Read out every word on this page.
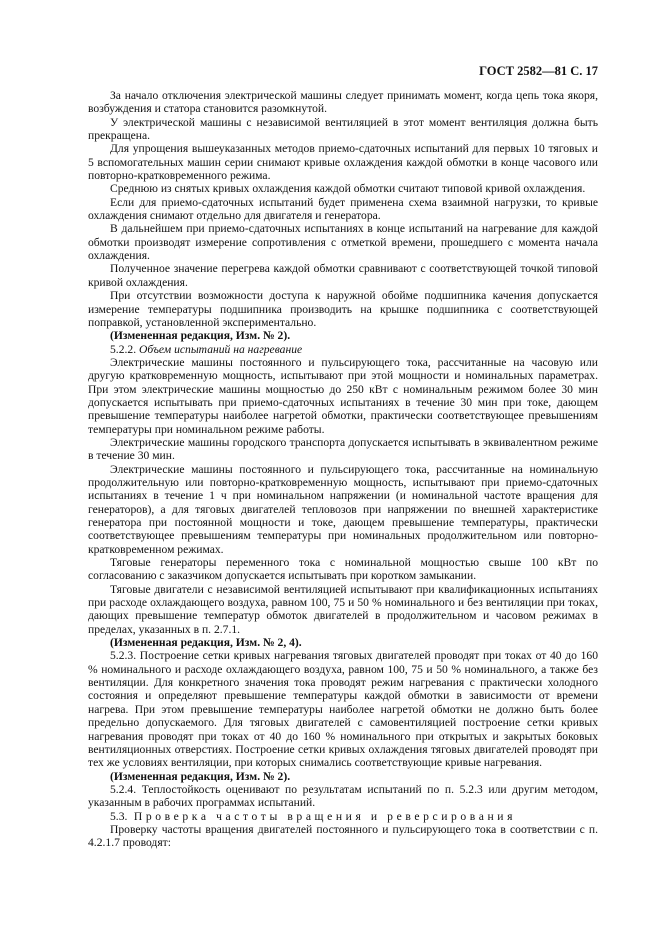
ГОСТ 2582—81 С. 17

За начало отключения электрической машины следует принимать момент, когда цепь тока якоря, возбуждения и статора становится разомкнутой.

У электрической машины с независимой вентиляцией в этот момент вентиляция должна быть прекращена.

Для упрощения вышеуказанных методов приемо-сдаточных испытаний для первых 10 тяговых и 5 вспомогательных машин серии снимают кривые охлаждения каждой обмотки в конце часового или повторно-кратковременного режима.

Среднюю из снятых кривых охлаждения каждой обмотки считают типовой кривой охлаждения.

Если для приемо-сдаточных испытаний будет применена схема взаимной нагрузки, то кривые охлаждения снимают отдельно для двигателя и генератора.

В дальнейшем при приемо-сдаточных испытаниях в конце испытаний на нагревание для каждой обмотки производят измерение сопротивления с отметкой времени, прошедшего с момента начала охлаждения.

Полученное значение перегрева каждой обмотки сравнивают с соответствующей точкой типовой кривой охлаждения.

При отсутствии возможности доступа к наружной обойме подшипника качения допускается измерение температуры подшипника производить на крышке подшипника с соответствующей поправкой, установленной экспериментально.

(Измененная редакция, Изм. № 2).

5.2.2. Объем испытаний на нагревание

Электрические машины постоянного и пульсирующего тока, рассчитанные на часовую или другую кратковременную мощность, испытывают при этой мощности и номинальных параметрах. При этом электрические машины мощностью до 250 кВт с номинальным режимом более 30 мин допускается испытывать при приемо-сдаточных испытаниях в течение 30 мин при токе, дающем превышение температуры наиболее нагретой обмотки, практически соответствующее превышениям температуры при номинальном режиме работы.

Электрические машины городского транспорта допускается испытывать в эквивалентном режиме в течение 30 мин.

Электрические машины постоянного и пульсирующего тока, рассчитанные на номинальную продолжительную или повторно-кратковременную мощность, испытывают при приемо-сдаточных испытаниях в течение 1 ч при номинальном напряжении (и номинальной частоте вращения для генераторов), а для тяговых двигателей тепловозов при напряжении по внешней характеристике генератора при постоянной мощности и токе, дающем превышение температуры, практически соответствующее превышениям температуры при номинальных продолжительном или повторно-кратковременном режимах.

Тяговые генераторы переменного тока с номинальной мощностью свыше 100 кВт по согласованию с заказчиком допускается испытывать при коротком замыкании.

Тяговые двигатели с независимой вентиляцией испытывают при квалификационных испытаниях при расходе охлаждающего воздуха, равном 100, 75 и 50 % номинального и без вентиляции при токах, дающих превышение температур обмоток двигателей в продолжительном и часовом режимах в пределах, указанных в п. 2.7.1.

(Измененная редакция, Изм. № 2, 4).

5.2.3. Построение сетки кривых нагревания тяговых двигателей проводят при токах от 40 до 160 % номинального и расходе охлаждающего воздуха, равном 100, 75 и 50 % номинального, а также без вентиляции. Для конкретного значения тока проводят режим нагревания с практически холодного состояния и определяют превышение температуры каждой обмотки в зависимости от времени нагрева. При этом превышение температуры наиболее нагретой обмотки не должно быть более предельно допускаемого. Для тяговых двигателей с самовентиляцией построение сетки кривых нагревания проводят при токах от 40 до 160 % номинального при открытых и закрытых боковых вентиляционных отверстиях. Построение сетки кривых охлаждения тяговых двигателей проводят при тех же условиях вентиляции, при которых снимались соответствующие кривые нагревания.

(Измененная редакция, Изм. № 2).

5.2.4. Теплостойкость оценивают по результатам испытаний по п. 5.2.3 или другим методом, указанным в рабочих программах испытаний.

5.3. Проверка частоты вращения и реверсирования

Проверку частоты вращения двигателей постоянного и пульсирующего тока в соответствии с п. 4.2.1.7 проводят:
